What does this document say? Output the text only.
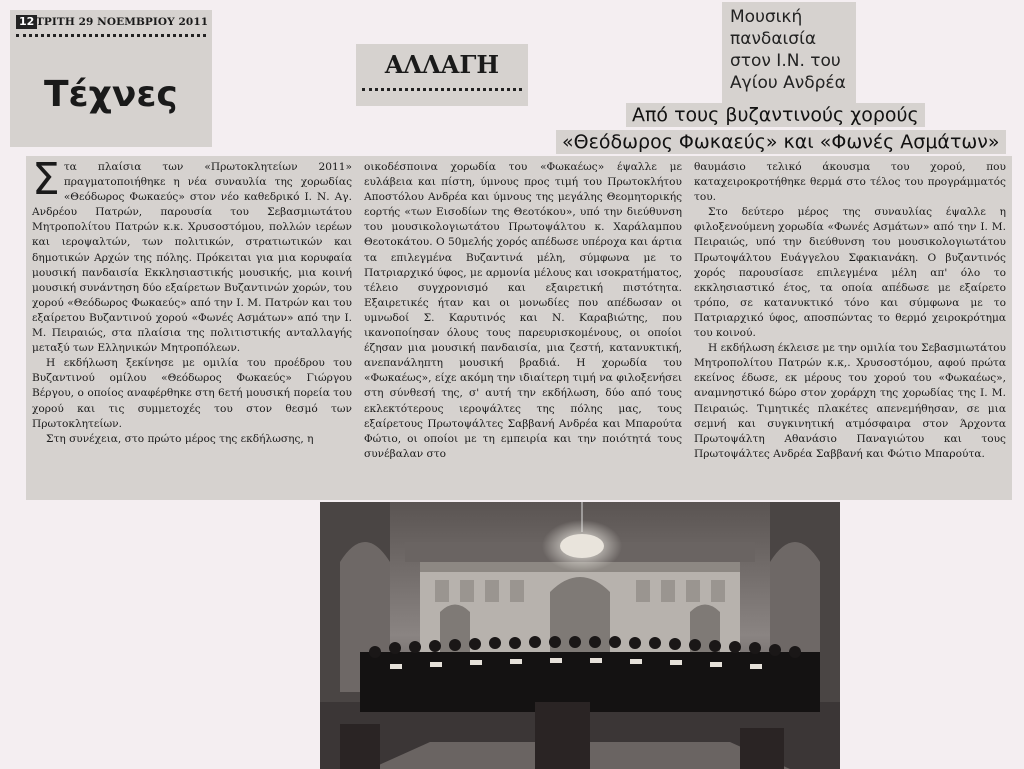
12 ΤΡΙΤΗ 29 ΝΟΕΜΒΡΙΟΥ 2011
Τέχνες
ΑΛΛΑΓΗ
Μουσική
πανδαισία
στον Ι.Ν. του
Αγίου Ανδρέα
Από τους βυζαντινούς χορούς
«Θεόδωρος Φωκαεύς» και «Φωνές Ασμάτων»

Στα πλαίσια των «Πρωτοκλητείων 2011» πραγματοποιήθηκε η νέα συναυλία της χορωδίας «Θεόδωρος Φωκαεύς» στον νέο καθεδρικό Ι. Ν. Αγ. Ανδρέου Πατρών, παρουσία του Σεβασμιωτάτου Μητροπολίτου Πατρών κ.κ. Χρυσοστόμου, πολλών ιερέων και ιεροψαλτών, των πολιτικών, στρατιωτικών και δημοτικών Αρχών της πόλης. Πρόκειται για μια κορυφαία μουσική πανδαισία Εκκλησιαστικής μουσικής, μια κοινή μουσική συνάντηση δύο εξαίρετων Βυζαντινών χορών, του χορού «Θεόδωρος Φωκαεύς» από την Ι. Μ. Πατρών και του εξαίρετου Βυζαντινού χορού «Φωνές Ασμάτων» από την Ι. Μ. Πειραιώς, στα πλαίσια της πολιτιστικής ανταλλαγής μεταξύ των Ελληνικών Μητροπόλεων.

Η εκδήλωση ξεκίνησε με ομιλία του προέδρου του Βυζαντινού ομίλου «Θεόδωρος Φωκαεύς» Γιώργου Βέργου, ο οποίος αναφέρθηκε στη 6ετή μουσική πορεία του χορού και τις συμμετοχές του στον θεσμό των Πρωτοκλητείων.

Στη συνέχεια, στο πρώτο μέρος της εκδήλωσης, η

οικοδέσποινα χορωδία του «Φωκαέως» έψαλλε με ευλάβεια και πίστη, ύμνους προς τιμή του Πρωτοκλήτου Αποστόλου Ανδρέα και ύμνους της μεγάλης Θεομητορικής εορτής «των Εισοδίων της Θεοτόκου», υπό την διεύθυνση του μουσικολογιωτάτου Πρωτοψάλτου κ. Χαράλαμπου Θεοτοκάτου. Ο 50μελής χορός απέδωσε υπέροχα και άρτια τα επιλεγμένα Βυζαντινά μέλη, σύμφωνα με το Πατριαρχικό ύφος, με αρμονία μέλους και ισοκρατήματος, τέλειο συγχρονισμό και εξαιρετική πιστότητα. Εξαιρετικές ήταν και οι μονωδίες που απέδωσαν οι υμνωδοί Σ. Καρυτινός και Ν. Καραβιώτης, που ικανοποίησαν όλους τους παρευρισκομένους, οι οποίοι έζησαν μια μουσική πανδαισία, μια ζεστή, κατανυκτική, ανεπανάληπτη μουσική βραδιά. Η χορωδία του «Φωκαέως», είχε ακόμη την ιδιαίτερη τιμή να φιλοξενήσει στη σύνθεσή της, σ' αυτή την εκδήλωση, δύο από τους εκλεκτότερους ιεροψάλτες της πόλης μας, τους εξαίρετους Πρωτοψάλτες Σαββανή Ανδρέα και Μπαρούτα Φώτιο, οι οποίοι με τη εμπειρία και την ποιότητά τους συνέβαλαν στο

θαυμάσιο τελικό άκουσμα του χορού, που καταχειροκροτήθηκε θερμά στο τέλος του προγράμματός του.

Στο δεύτερο μέρος της συναυλίας έψαλλε η φιλοξενούμενη χορωδία «Φωνές Ασμάτων» από την Ι. Μ. Πειραιώς, υπό την διεύθυνση του μουσικολογιωτάτου Πρωτοψάλτου Ευάγγελου Σφακιανάκη. Ο βυζαντινός χορός παρουσίασε επιλεγμένα μέλη απ' όλο το εκκλησιαστικό έτος, τα οποία απέδωσε με εξαίρετο τρόπο, σε κατανυκτικό τόνο και σύμφωνα με το Πατριαρχικό ύφος, αποσπώντας το θερμό χειροκρότημα του κοινού.

Η εκδήλωση έκλεισε με την ομιλία του Σεβασμιωτάτου Μητροπολίτου Πατρών κ.κ,. Χρυσοστόμου, αφού πρώτα εκείνος έδωσε, εκ μέρους του χορού του «Φωκαέως», αναμνηστικό δώρο στον χοράρχη της χορωδίας της Ι. Μ. Πειραιώς. Τιμητικές πλακέτες απενεμήθησαν, σε μια σεμνή και συγκινητική ατμόσφαιρα στον Άρχοντα Πρωτοψάλτη Αθανάσιο Παναγιώτου και τους Πρωτοψάλτες Ανδρέα Σαββανή και Φώτιο Μπαρούτα.
